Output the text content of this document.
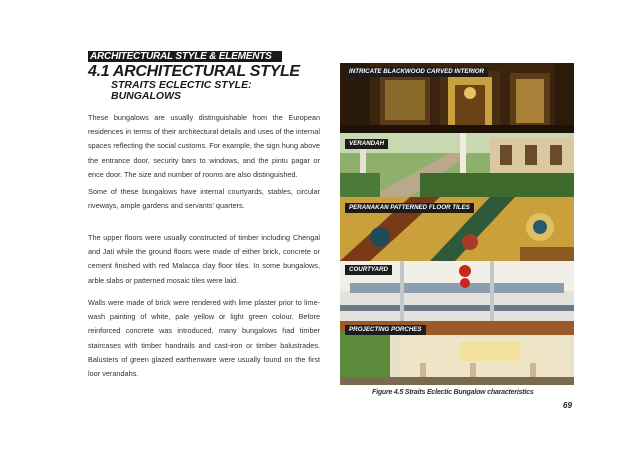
ARCHITECTURAL STYLE & ELEMENTS
4.1 ARCHITECTURAL STYLE
STRAITS ECLECTIC STYLE: BUNGALOWS

These bungalows are usually distinguishable from the European residences in terms of their architectural details and uses of the internal spaces reflecting the social customs. For example, the sign hung above the entrance door, security bars to windows, and the pintu pagar or ence door. The size and number of rooms are also distinguished.

Some of these bungalows have internal courtyards, stables, circular riveways, ample gardens and servants' quarters.

The upper floors were usually constructed of timber including Chengal and Jati while the ground floors were made of either brick, concrete or cement finished with red Malacca clay floor tiles. In some bungalows, arble slabs or patterned mosaic tiles were laid.

Walls were made of brick were rendered with lime plaster prior to lime-wash painting of white, pale yellow or light green colour. Before reinforced concrete was introduced, many bungalows had timber staircases with timber handrails and cast-iron or timber balustrades. Balusters of green glazed earthenware were usually found on the first loor verandahs.

INTRICATE BLACKWOOD CARVED INTERIOR
VERANDAH
PERANAKAN PATTERNED FLOOR TILES
COURTYARD
PROJECTING PORCHES
Figure 4.5 Straits Eclectic Bungalow characteristics
69
